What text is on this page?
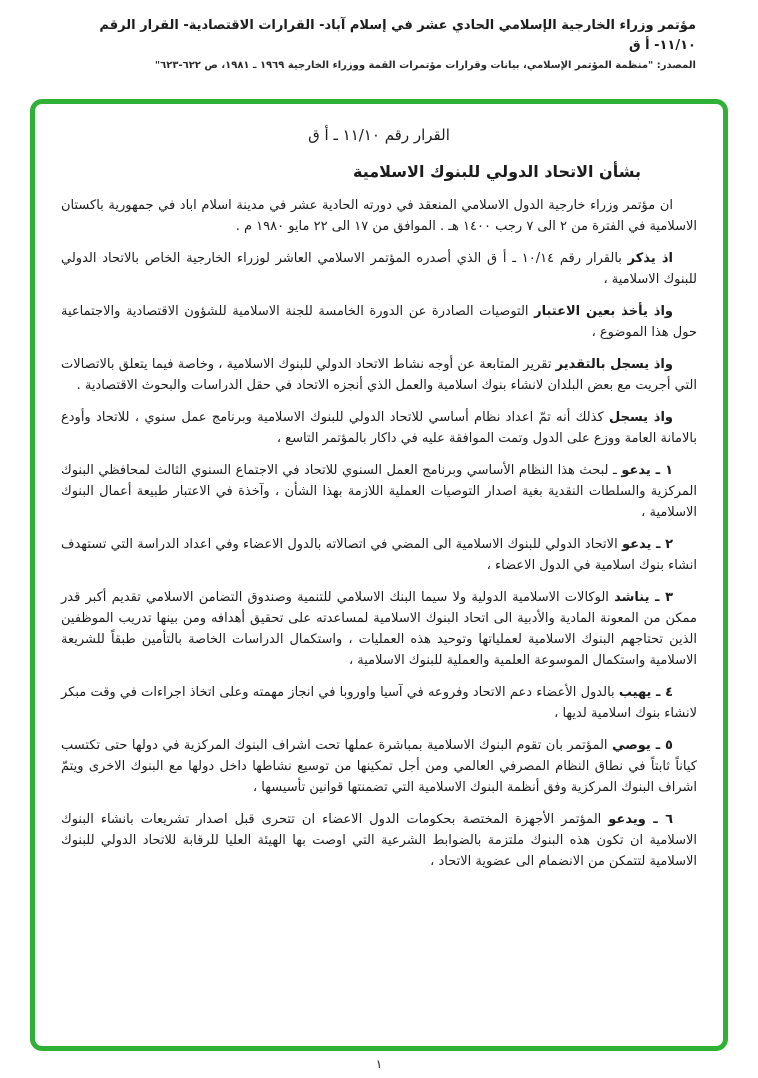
مؤتمر وزراء الخارجية الإسلامي الحادي عشر في إسلام آباد- القرارات الاقتصادية- القرار الرقم ١١/١٠- أ ق
المصدر: "منظمة المؤتمر الإسلامي، بيانات وقرارات مؤتمرات القمة ووزراء الخارجية ١٩٦٩ ـ ١٩٨١، ص ٦٢٢-٦٢٣"
القرار رقم ١١/١٠ ـ أ ق
بشأن الاتحاد الدولي للبنوك الاسلامية

ان مؤتمر وزراء خارجية الدول الاسلامي المنعقد في دورته الحادية عشر في مدينة اسلام اباد في جمهورية باكستان الاسلامية في الفترة من ٢ الى ٧ رجب ١٤٠٠ هـ . الموافق من ١٧ الى ٢٢ مايو ١٩٨٠ م .

اذ يذكر بالقرار رقم ١٠/١٤ ـ أ ق الذي أصدره المؤتمر الاسلامي العاشر لوزراء الخارجية الخاص بالاتحاد الدولي للبنوك الاسلامية ،

واذ يأخذ بعين الاعتبار التوصيات الصادرة عن الدورة الخامسة للجنة الاسلامية للشؤون الاقتصادية والاجتماعية حول هذا الموضوع ،

واذ يسجل بالتقدير تقرير المتابعة عن أوجه نشاط الاتحاد الدولي للبنوك الاسلامية ، وخاصة فيما يتعلق بالاتصالات التي أجريت مع بعض البلدان لانشاء بنوك اسلامية والعمل الذي أنجزه الاتحاد في حقل الدراسات والبحوث الاقتصادية .

واذ يسجل كذلك أنه تمّ اعداد نظام أساسي للاتحاد الدولي للبنوك الاسلامية وبرنامج عمل سنوي ، للاتحاد وأودع بالامانة العامة ووزع على الدول وتمت الموافقة عليه في داكار بالمؤتمر التاسع ،

١ ـ يدعو ـ لبحث هذا النظام الأساسي وبرنامج العمل السنوي للاتحاد في الاجتماع السنوي الثالث لمحافظي البنوك المركزية والسلطات النقدية بغية اصدار التوصيات العملية اللازمة بهذا الشأن ، وآخذة في الاعتبار طبيعة أعمال البنوك الاسلامية ،

٢ ـ يدعو الاتحاد الدولي للبنوك الاسلامية الى المضي في اتصالاته بالدول الاعضاء وفي اعداد الدراسة التي تستهدف انشاء بنوك اسلامية في الدول الاعضاء ،

٣ ـ يناشد الوكالات الاسلامية الدولية ولا سيما البنك الاسلامي للتنمية وصندوق التضامن الاسلامي تقديم أكبر قدر ممكن من المعونة المادية والأدبية الى اتحاد البنوك الاسلامية لمساعدته على تحقيق أهدافه ومن بينها تدريب الموظفين الذين تحتاجهم البنوك الاسلامية لعملياتها وتوحيد هذه العمليات ، واستكمال الدراسات الخاصة بالتأمين طبقاً للشريعة الاسلامية واستكمال الموسوعة العلمية والعملية للبنوك الاسلامية ،

٤ ـ يهيب بالدول الأعضاء دعم الاتحاد وفروعه في آسيا واوروبا في انجاز مهمته وعلى اتخاذ اجراءات في وقت مبكر لانشاء بنوك اسلامية لديها ،

٥ ـ يوصي المؤتمر بان تقوم البنوك الاسلامية بمباشرة عملها تحت اشراف البنوك المركزية في دولها حتى تكتسب كياناً ثابتاً في نطاق النظام المصرفي العالمي ومن أجل تمكينها من توسيع نشاطها داخل دولها مع البنوك الاخرى ويتمّ اشراف البنوك المركزية وفق أنظمة البنوك الاسلامية التي تضمنتها قوانين تأسيسها ،

٦ ـ ويدعو المؤتمر الأجهزة المختصة بحكومات الدول الاعضاء ان تتحرى قبل اصدار تشريعات بانشاء البنوك الاسلامية ان تكون هذه البنوك ملتزمة بالضوابط الشرعية التي اوصت بها الهيئة العليا للرقابة للاتحاد الدولي للبنوك الاسلامية لتتمكن من الانضمام الى عضوية الاتحاد ،

١
